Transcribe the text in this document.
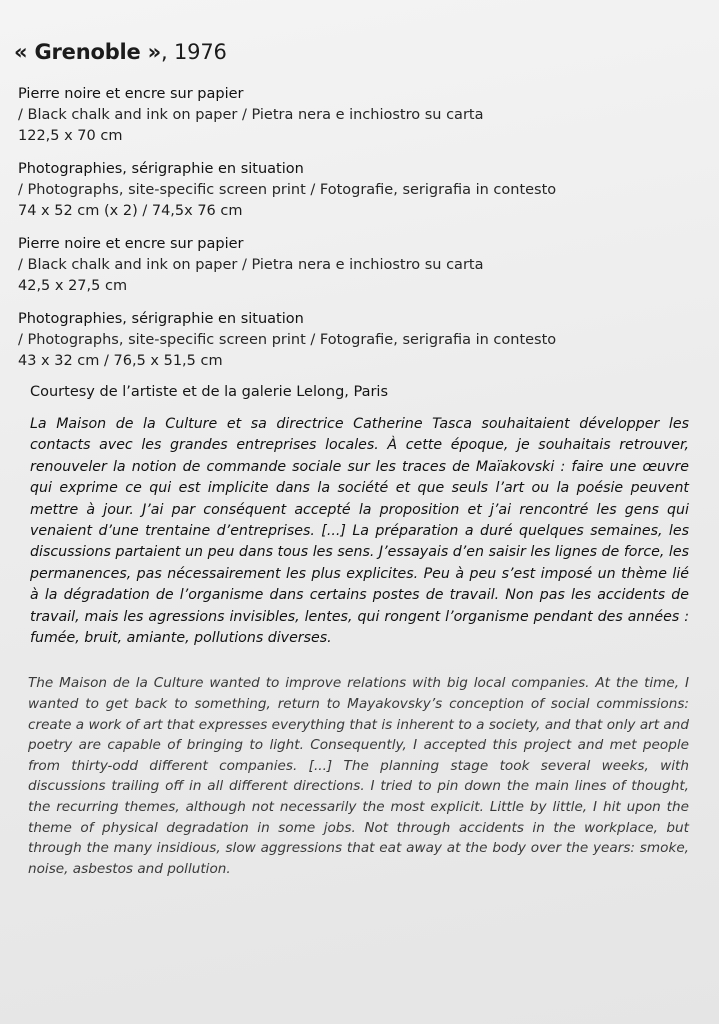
« Grenoble », 1976
Pierre noire et encre sur papier
/ Black chalk and ink on paper / Pietra nera e inchiostro su carta
122,5 x 70 cm
Photographies, sérigraphie en situation
/ Photographs, site-specific screen print / Fotografie, serigrafia in contesto
74 x 52 cm (x 2) / 74,5x 76 cm
Pierre noire et encre sur papier
/ Black chalk and ink on paper / Pietra nera e inchiostro su carta
42,5 x 27,5 cm
Photographies, sérigraphie en situation
/ Photographs, site-specific screen print / Fotografie, serigrafia in contesto
43 x 32 cm / 76,5 x 51,5 cm
Courtesy de l’artiste et de la galerie Lelong, Paris

La Maison de la Culture et sa directrice Catherine Tasca souhaitaient développer les contacts avec les grandes entreprises locales. À cette époque, je souhaitais retrouver, renouveler la notion de commande sociale sur les traces de Maïakovski : faire une œuvre qui exprime ce qui est implicite dans la société et que seuls l’art ou la poésie peuvent mettre à jour. J’ai par conséquent accepté la proposition et j’ai rencontré les gens qui venaient d’une trentaine d’entreprises. [...] La préparation a duré quelques semaines, les discussions partaient un peu dans tous les sens. J’essayais d’en saisir les lignes de force, les permanences, pas nécessairement les plus explicites. Peu à peu s’est imposé un thème lié à la dégradation de l’organisme dans certains postes de travail. Non pas les accidents de travail, mais les agressions invisibles, lentes, qui rongent l’organisme pendant des années : fumée, bruit, amiante, pollutions diverses.

The Maison de la Culture wanted to improve relations with big local companies. At the time, I wanted to get back to something, return to Mayakovsky’s conception of social commissions: create a work of art that expresses everything that is inherent to a society, and that only art and poetry are capable of bringing to light. Consequently, I accepted this project and met people from thirty-odd different companies. [...] The planning stage took several weeks, with discussions trailing off in all different directions. I tried to pin down the main lines of thought, the recurring themes, although not necessarily the most explicit. Little by little, I hit upon the theme of physical degradation in some jobs. Not through accidents in the workplace, but through the many insidious, slow aggressions that eat away at the body over the years: smoke, noise, asbestos and pollution.
